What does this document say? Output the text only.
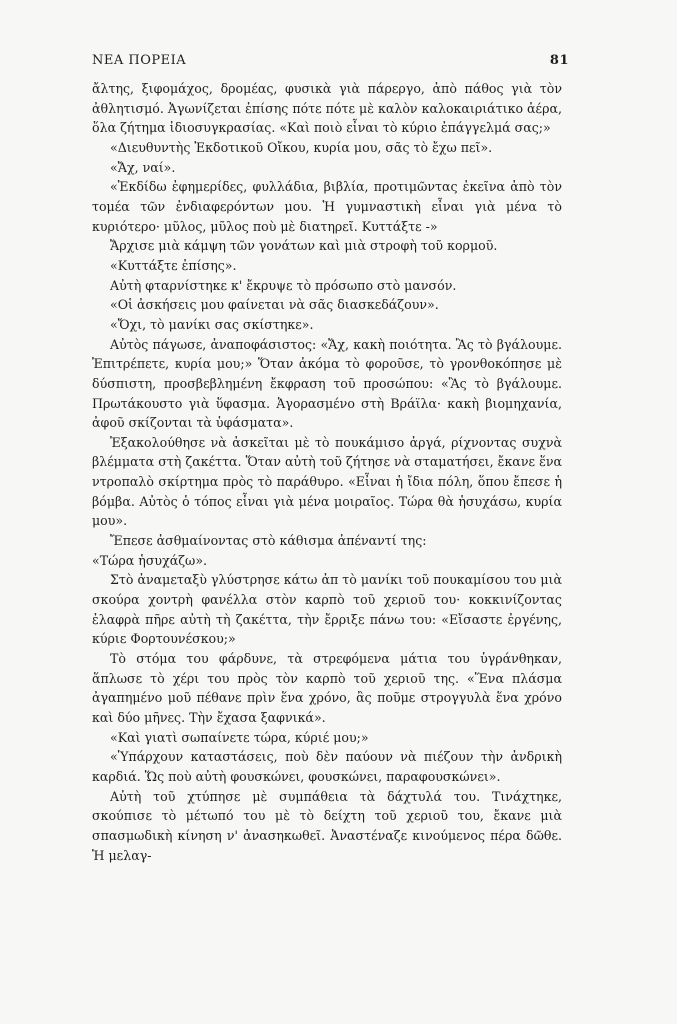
ΝΕΑ ΠΟΡΕΙΑ	81

ἄλτης, ξιφομάχος, δρομέας, φυσικὰ γιὰ πάρεργο, ἀπὸ πάθος γιὰ τὸν ἀθλητισμό. Ἀγωνίζεται ἐπίσης πότε πότε μὲ καλὸν καλοκαιριάτικο ἀέρα, ὅλα ζήτημα ἰδιοσυγκρασίας. «Καὶ ποιὸ εἶναι τὸ κύριο ἐπάγγελμά σας;»

«Διευθυντὴς Ἐκδοτικοῦ Οἴκου, κυρία μου, σᾶς τὸ ἔχω πεῖ».

«Ἄχ, ναί».

«Ἐκδίδω ἐφημερίδες, φυλλάδια, βιβλία, προτιμῶντας ἐκεῖνα ἀπὸ τὸν τομέα τῶν ἐνδιαφερόντων μου. Ἡ γυμναστικὴ εἶναι γιὰ μένα τὸ κυριότερο· μῦλος, μῦλος ποὺ μὲ διατηρεῖ. Κυττάξτε -»

Ἄρχισε μιὰ κάμψη τῶν γονάτων καὶ μιὰ στροφὴ τοῦ κορμοῦ.

«Κυττάξτε ἐπίσης».

Αὐτὴ φταρνίστηκε κ' ἔκρυψε τὸ πρόσωπο στὸ μανσόν.

«Οἱ ἀσκήσεις μου φαίνεται νὰ σᾶς διασκεδάζουν».

«Ὄχι, τὸ μανίκι σας σκίστηκε».

Αὐτὸς πάγωσε, ἀναποφάσιστος: «Ἄχ, κακὴ ποιότητα. Ἂς τὸ βγάλουμε. Ἐπιτρέπετε, κυρία μου;» Ὅταν ἀκόμα τὸ φοροῦσε, τὸ γρονθοκόπησε μὲ δύσπιστη, προσβεβλημένη ἔκφραση τοῦ προσώπου: «Ἂς τὸ βγάλουμε. Πρωτάκουστο γιὰ ὕφασμα. Ἀγορασμένο στὴ Βράϊλα· κακὴ βιομηχανία, ἀφοῦ σκίζονται τὰ ὑφάσματα».

Ἐξακολούθησε νὰ ἀσκεῖται μὲ τὸ πουκάμισο ἀργά, ρίχνοντας συχνὰ βλέμματα στὴ ζακέττα. Ὅταν αὐτὴ τοῦ ζήτησε νὰ σταματήσει, ἔκανε ἕνα ντροπαλὸ σκίρτημα πρὸς τὸ παράθυρο. «Εἶναι ἡ ἴδια πόλη, ὅπου ἔπεσε ἡ βόμβα. Αὐτὸς ὁ τόπος εἶναι γιὰ μένα μοιραῖος. Τώρα θὰ ἡσυχάσω, κυρία μου».

Ἔπεσε ἀσθμαίνοντας στὸ κάθισμα ἀπέναντί της:

«Τώρα ἡσυχάζω».

Στὸ ἀναμεταξὺ γλύστρησε κάτω ἀπ τὸ μανίκι τοῦ πουκαμίσου του μιὰ σκούρα χοντρὴ φανέλλα στὸν καρπὸ τοῦ χεριοῦ του· κοκκινίζοντας ἐλαφρὰ πῆρε αὐτὴ τὴ ζακέττα, τὴν ἔρριξε πάνω του: «Εἴσαστε ἐργένης, κύριε Φορτουνέσκου;»

Τὸ στόμα του φάρδυνε, τὰ στρεφόμενα μάτια του ὑγράνθηκαν, ἅπλωσε τὸ χέρι του πρὸς τὸν καρπὸ τοῦ χεριοῦ της. «Ἕνα πλάσμα ἀγαπημένο μοῦ πέθανε πρὶν ἕνα χρόνο, ἂς ποῦμε στρογγυλὰ ἕνα χρόνο καὶ δύο μῆνες. Τὴν ἔχασα ξαφνικά».

«Καὶ γιατὶ σωπαίνετε τώρα, κύριέ μου;»

«Ὑπάρχουν καταστάσεις, ποὺ δὲν παύουν νὰ πιέζουν τὴν ἀνδρικὴ καρδιά. Ὥς ποὺ αὐτὴ φουσκώνει, φουσκώνει, παραφουσκώνει».

Αὐτὴ τοῦ χτύπησε μὲ συμπάθεια τὰ δάχτυλά του. Τινάχτηκε, σκούπισε τὸ μέτωπό του μὲ τὸ δείχτη τοῦ χεριοῦ του, ἔκανε μιὰ σπασμωδικὴ κίνηση ν' ἀνασηκωθεῖ. Ἀναστέναζε κινούμενος πέρα δῶθε. Ἡ μελαγ-
